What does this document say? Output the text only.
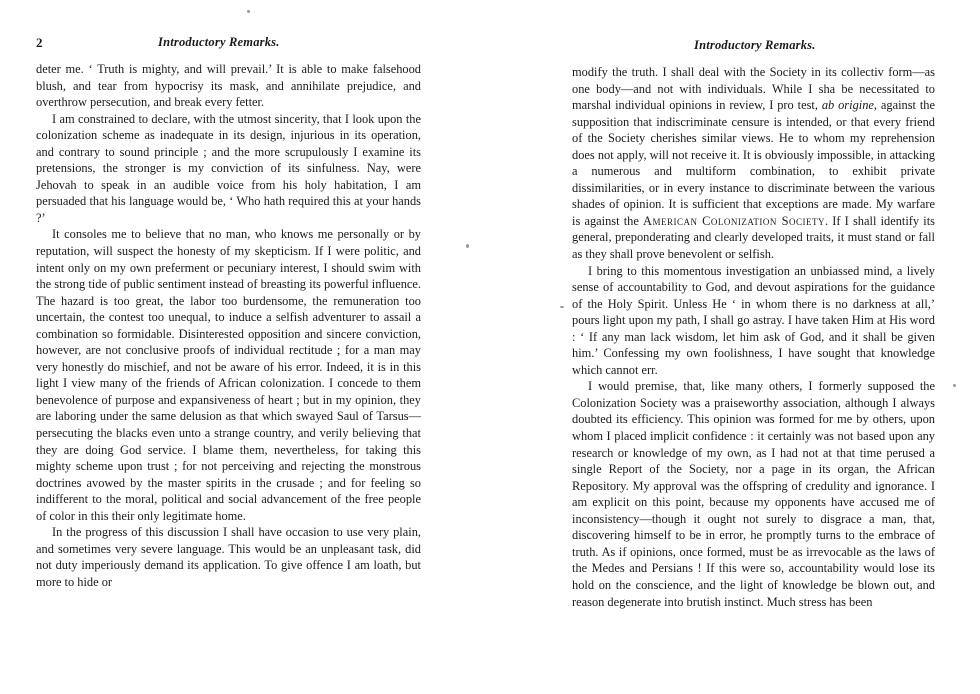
2	Introductory Remarks.

deter me. ‘ Truth is mighty, and will prevail.’ It is able to make falsehood blush, and tear from hypocrisy its mask, and annihilate prejudice, and overthrow persecution, and break every fetter.

I am constrained to declare, with the utmost sincerity, that I look upon the colonization scheme as inadequate in its design, injurious in its operation, and contrary to sound principle ; and the more scrupulously I examine its pretensions, the stronger is my conviction of its sinfulness. Nay, were Jehovah to speak in an audible voice from his holy habitation, I am persuaded that his language would be, ‘ Who hath required this at your hands ?’

It consoles me to believe that no man, who knows me personally or by reputation, will suspect the honesty of my skepticism. If I were politic, and intent only on my own preferment or pecuniary interest, I should swim with the strong tide of public sentiment instead of breasting its powerful influence. The hazard is too great, the labor too burdensome, the remuneration too uncertain, the contest too unequal, to induce a selfish adventurer to assail a combination so formidable. Disinterested opposition and sincere conviction, however, are not conclusive proofs of individual rectitude ; for a man may very honestly do mischief, and not be aware of his error. Indeed, it is in this light I view many of the friends of African colonization. I concede to them benevolence of purpose and expansiveness of heart ; but in my opinion, they are laboring under the same delusion as that which swayed Saul of Tarsus—persecuting the blacks even unto a strange country, and verily believing that they are doing God service. I blame them, nevertheless, for taking this mighty scheme upon trust ; for not perceiving and rejecting the monstrous doctrines avowed by the master spirits in the crusade ; and for feeling so indifferent to the moral, political and social advancement of the free people of color in this their only legitimate home.

In the progress of this discussion I shall have occasion to use very plain, and sometimes very severe language. This would be an unpleasant task, did not duty imperiously demand its application. To give offence I am loath, but more to hide or

Introductory Remarks.

modify the truth. I shall deal with the Society in its collectiv form—as one body—and not with individuals. While I sha be necessitated to marshal individual opinions in review, I pro test, ab origine, against the supposition that indiscriminate censure is intended, or that every friend of the Society cherishes similar views. He to whom my reprehension does not apply, will not receive it. It is obviously impossible, in attacking a numerous and multiform combination, to exhibit private dissimilarities, or in every instance to discriminate between the various shades of opinion. It is sufficient that exceptions are made. My warfare is against the American Colonization Society. If I shall identify its general, preponderating and clearly developed traits, it must stand or fall as they shall prove benevolent or selfish.

I bring to this momentous investigation an unbiassed mind, a lively sense of accountability to God, and devout aspirations for the guidance of the Holy Spirit. Unless He ‘ in whom there is no darkness at all,’ pours light upon my path, I shall go astray. I have taken Him at His word : ‘ If any man lack wisdom, let him ask of God, and it shall be given him.’ Confessing my own foolishness, I have sought that knowledge which cannot err.

I would premise, that, like many others, I formerly supposed the Colonization Society was a praiseworthy association, although I always doubted its efficiency. This opinion was formed for me by others, upon whom I placed implicit confidence : it certainly was not based upon any research or knowledge of my own, as I had not at that time perused a single Report of the Society, nor a page in its organ, the African Repository. My approval was the offspring of credulity and ignorance. I am explicit on this point, because my opponents have accused me of inconsistency—though it ought not surely to disgrace a man, that, discovering himself to be in error, he promptly turns to the embrace of truth. As if opinions, once formed, must be as irrevocable as the laws of the Medes and Persians ! If this were so, accountability would lose its hold on the conscience, and the light of knowledge be blown out, and reason degenerate into brutish instinct. Much stress has been
